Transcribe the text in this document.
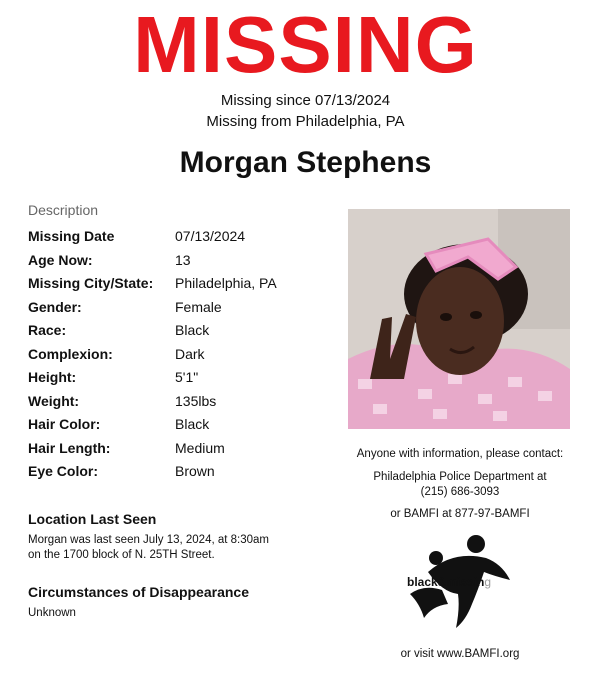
MISSING
Missing since 07/13/2024
Missing from Philadelphia, PA
Morgan Stephens
Description
Missing Date	07/13/2024
Age Now:	13
Missing City/State: Philadelphia, PA
Gender:	Female
Race:	Black
Complexion:	Dark
Height:	5'1"
Weight:	135lbs
Hair Color:	Black
Hair Length:	Medium
Eye Color:	Brown
Location Last Seen
Morgan was last seen July 13, 2024, at 8:30am
on the 1700 block of N. 25TH Street.
Circumstances of Disappearance
Unknown
Anyone with information, please contact:
Philadelphia Police Department at
(215) 686-3093
or BAMFI at 877-97-BAMFI
black&missing
or visit www.BAMFI.org
